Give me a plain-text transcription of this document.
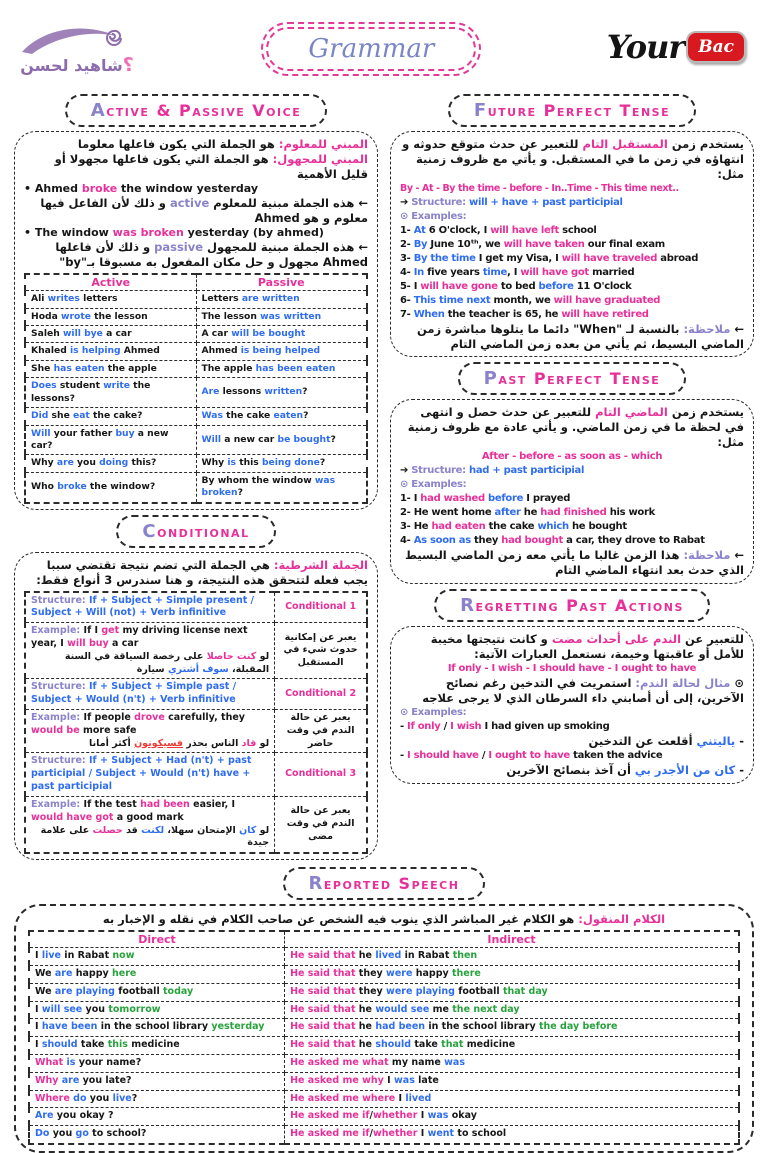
؟شاهيد لحسن
Grammar	Your Bac
Active & Passive Voice
المبني للمعلوم: هو الجملة التي يكون فاعلها معلوما
المبني للمجهول: هو الجملة التي يكون فاعلها مجهولا أو قليل الأهمية
• Ahmed broke the window yesterday
← هذه الجملة مبنية للمعلوم active و ذلك لأن الفاعل فيها معلوم و هو Ahmed
• The window was broken yesterday (by ahmed)
← هذه الجملة مبنية للمجهول passive و ذلك لأن فاعلها Ahmed مجهول و حل مكان المفعول به مسبوقا بـ"by"
Active	Passive

Ali writes letters	Letters are written

Hoda wrote the lesson	The lesson was written

Saleh will bye a car	A car will be bought

Khaled is helping Ahmed	Ahmed is being helped

She has eaten the apple	The apple has been eaten

Does student write the lessons?	Are lessons written?

Did she eat the cake?	Was the cake eaten?

Will your father buy a new car?	Will a new car be bought?

Why are you doing this?	Why is this being done?

Who broke the window?	By whom the window was broken?
Conditional
الجملة الشرطية: هي الجملة التي تضم نتيجة تقتضي سببا يجب فعله لتتحقق هذه النتيجة، و هنا سندرس 3 أنواع فقط:
Structure: If + Subject + Simple present / Subject + Will (not) + Verb infinitive	Conditional 1

Example: If I get my driving license next year, I will buy a car
لو كنت حاصلا على رخصة السياقة في السنة المقبلة، سوف أشتري سيارة	يعبر عن إمكانية حدوث شيء في المستقبل

Structure: If + Subject + Simple past / Subject + Would (n't) + Verb infinitive	Conditional 2

Example: If people drove carefully, they would be more safe
لو قاد الناس بحذر فسيكونون أكثر أمانا	يعبر عن حالة الندم في وقت حاضر

Structure: If + Subject + Had (n't) + past participial / Subject + Would (n't) have + past participial	Conditional 3

Example: If the test had been easier, I would have got a good mark
لو كان الإمتحان سهلا، لكنت قد حصلت على علامة جيدة	يعبر عن حالة الندم في وقت مضى
Future Perfect Tense
يستخدم زمن المستقبل التام للتعبير عن حدث متوقع حدوثه و انتهاؤه في زمن ما في المستقبل. و يأتي مع ظروف زمنية مثل:
By - At - By the time - before - In..Time - This time next..
➔ Structure: will + have + past participial
⊙ Examples:
1- At 6 O'clock, I will have left school
2- By June 10ᵗʰ, we will have taken our final exam
3- By the time I get my Visa, I will have traveled abroad
4- In five years time, I will have got married
5- I will have gone to bed before 11 O'clock
6- This time next month, we will have graduated
7- When the teacher is 65, he will have retired
← ملاحظة: بالنسبة لـ "When" دائما ما يتلوها مباشرة زمن الماضي البسيط، ثم يأتي من بعده زمن الماضي التام
Past Perfect Tense
يستخدم زمن الماضي التام للتعبير عن حدث حصل و انتهى في لحظة ما في زمن الماضي. و يأتي عادة مع ظروف زمنية مثل:
After - before - as soon as - which
➔ Structure: had + past participial
⊙ Examples:
1- I had washed before I prayed
2- He went home after he had finished his work
3- He had eaten the cake which he bought
4- As soon as they had bought a car, they drove to Rabat
← ملاحظة: هذا الزمن غالبا ما يأتي معه زمن الماضي البسيط الذي حدث بعد انتهاء الماضي التام
Regretting Past Actions
للتعبير عن الندم على أحداث مضت و كانت نتيجتها مخيبة للأمل أو عاقبتها وخيمة، نستعمل العبارات الآتية:
If only - I wish - I should have - I ought to have
⊙ مثال لحالة الندم: استمريت في التدخين رغم نصائح الآخرين، إلى أن أصابني داء السرطان الذي لا يرجى علاجه
⊙ Examples:
- If only / I wish I had given up smoking
- ياليتني أقلعت عن التدخين
- I should have / I ought to have taken the advice
- كان من الأجدر بي أن آخذ بنصائح الآخرين
Reported Speech
الكلام المنقول: هو الكلام غير المباشر الذي ينوب فيه الشخص عن صاحب الكلام في نقله و الإخبار به
Direct	Indirect

I live in Rabat now	He said that he lived in Rabat then

We are happy here	He said that they were happy there

We are playing football today	He said that they were playing football that day

I will see you tomorrow	He said that he would see me the next day

I have been in the school library yesterday	He said that he had been in the school library the day before

I should take this medicine	He said that he should take that medicine

What is your name?	He asked me what my name was

Why are you late?	He asked me why I was late

Where do you live?	He asked me where I lived

Are you okay ?	He asked me if/whether I was okay

Do you go to school?	He asked me if/whether I went to school
